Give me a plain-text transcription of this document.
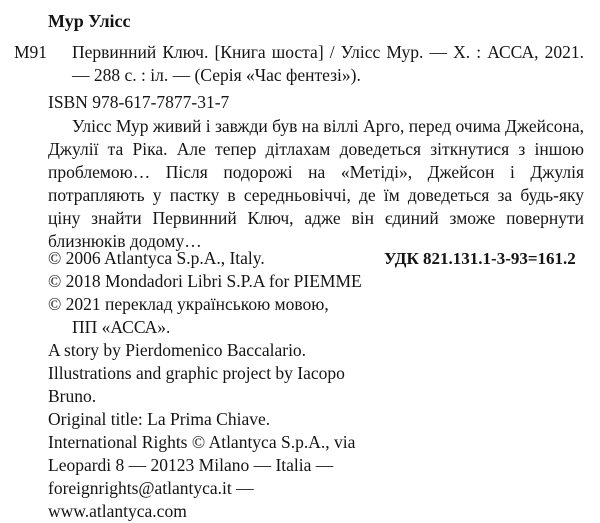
Мур Улісс
М91 Первинний Ключ. [Книга шоста] / Улісс Мур. — Х. : АССА, 2021. — 288 с. : іл. — (Серія «Час фентезі»).
ISBN 978-617-7877-31-7
Улісс Мур живий і завжди був на віллі Арго, перед очима Джейсона, Джулії та Ріка. Але тепер дітлахам доведеться зіткнутися з іншою проблемою… Після подорожі на «Метіді», Джейсон і Джулія потрапляють у пастку в середньовіччі, де їм доведеться за будь-яку ціну знайти Первинний Ключ, адже він єдиний зможе повернути близнюків додому…
УДК 821.131.1-3-93=161.2
© 2006 Atlantyca S.p.A., Italy.
© 2018 Mondadori Libri S.P.A for PIEMME
© 2021 переклад українською мовою,
ПП «АССА».
A story by Pierdomenico Baccalario.
Illustrations and graphic project by Iacopo
Bruno.
Original title: La Prima Chiave.
International Rights © Atlantyca S.p.A., via
Leopardi 8 — 20123 Milano — Italia —
foreignrights@atlantyca.it —
www.atlantyca.com
